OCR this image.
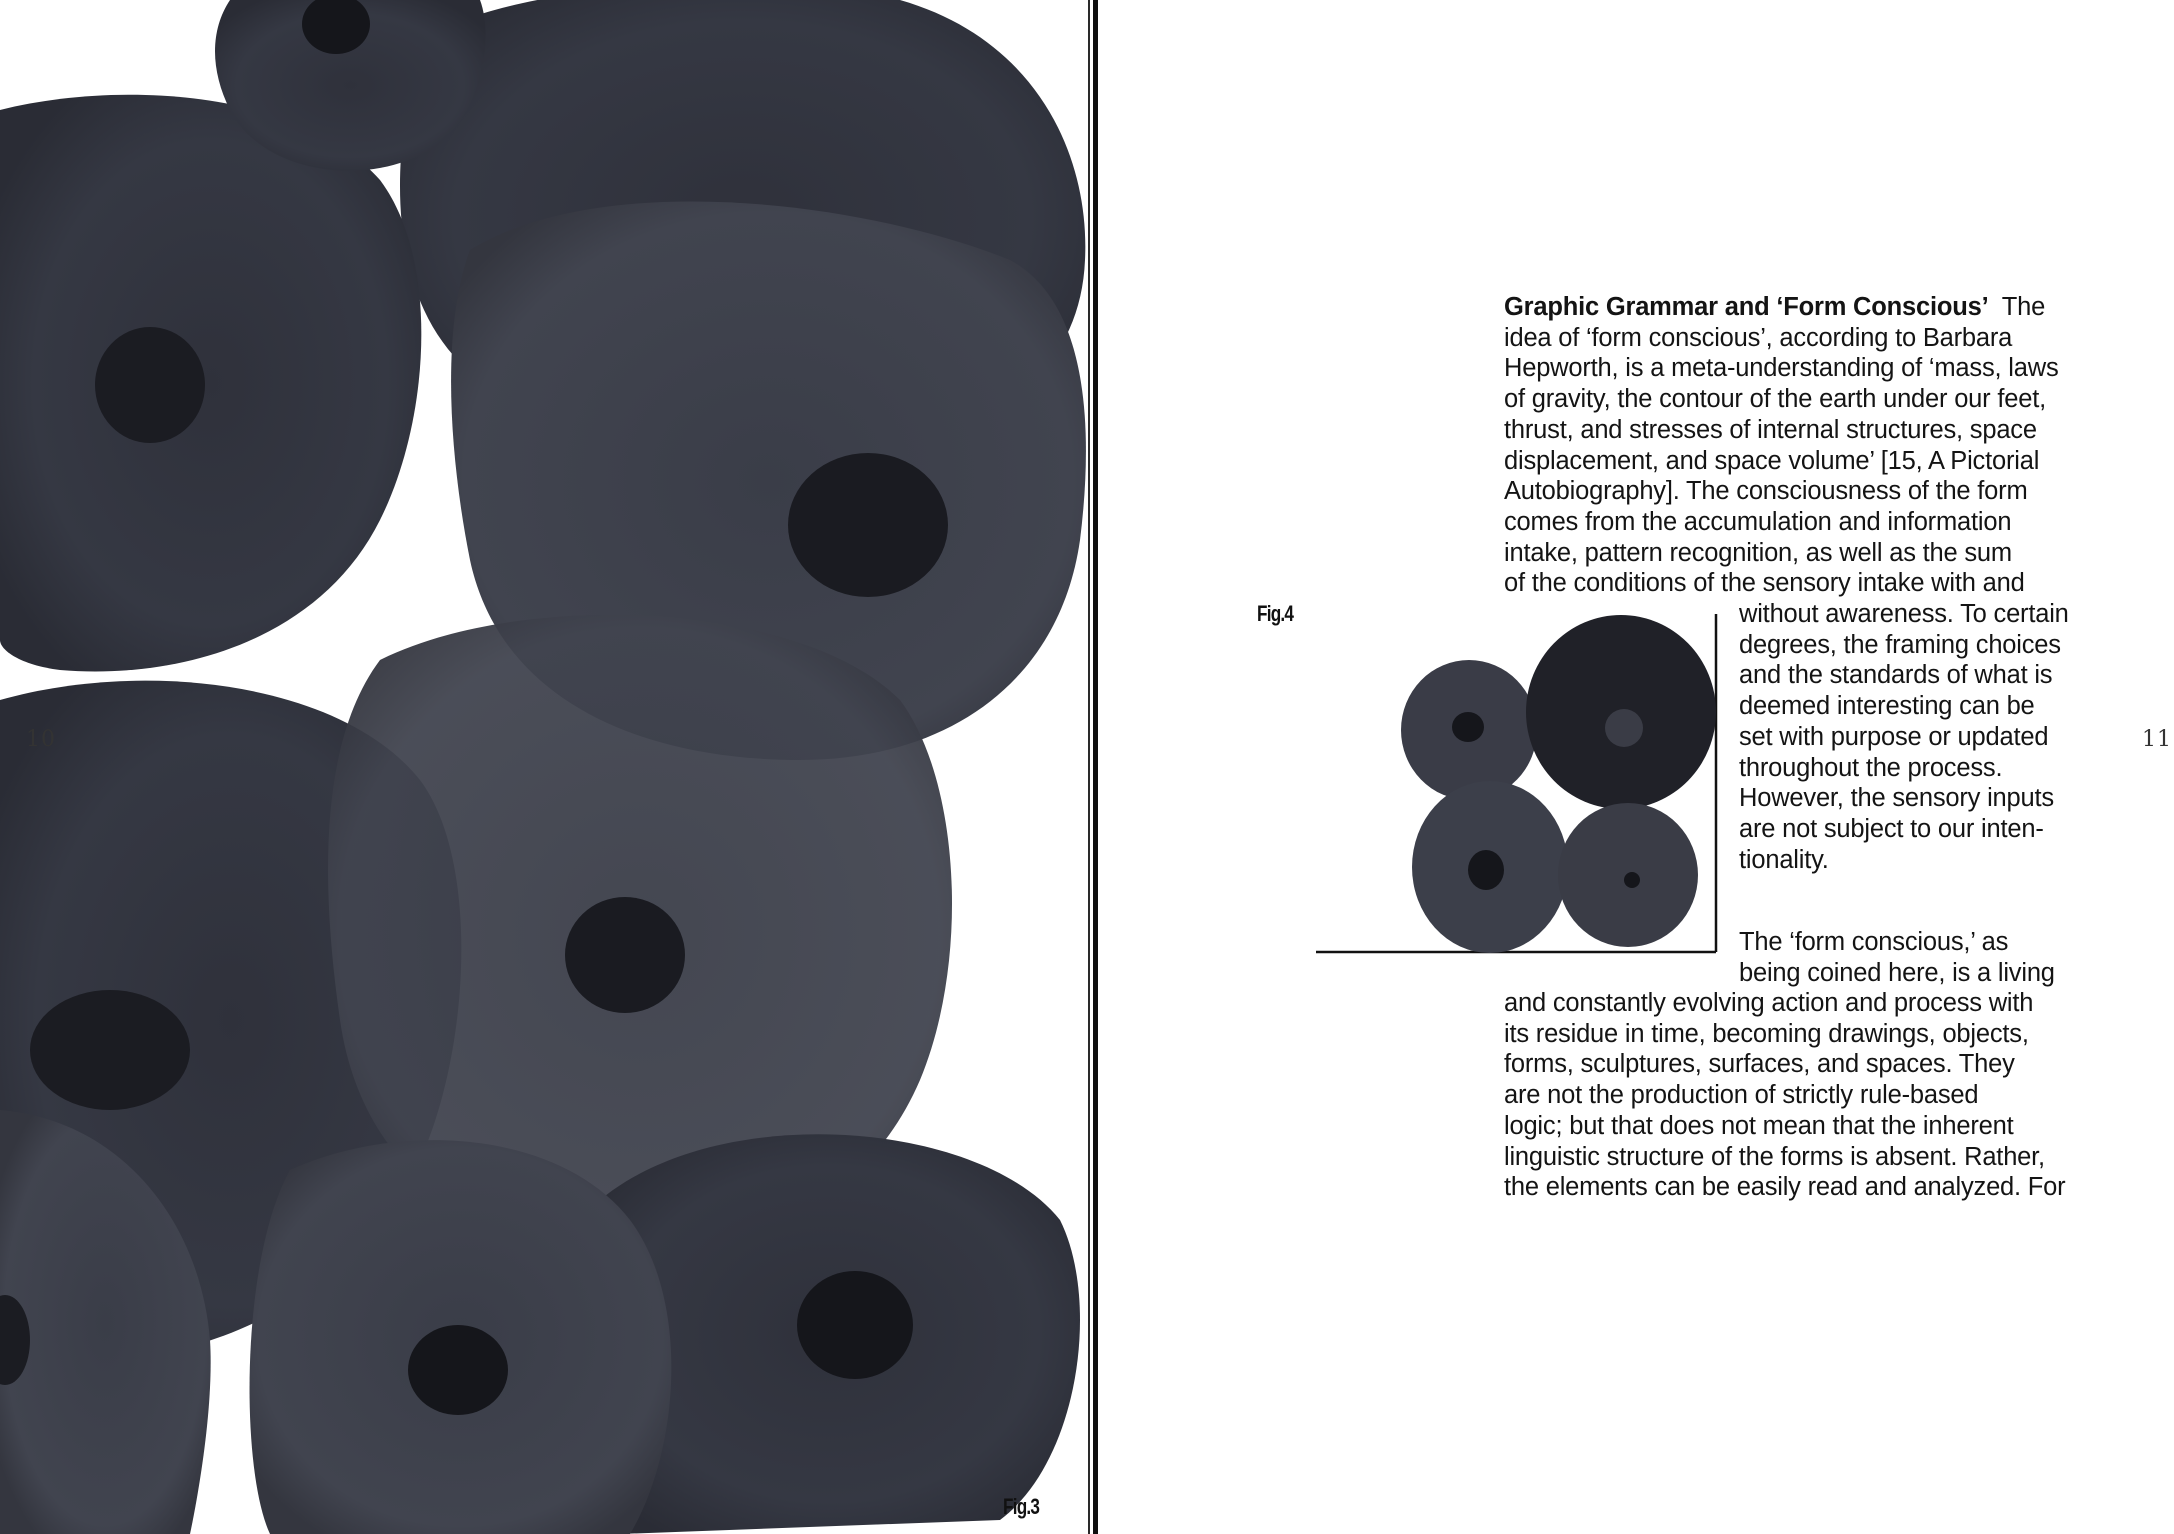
10
Fig.3
11
Fig.4
Graphic Grammar and ‘Form Conscious’  The
idea of ‘form conscious’, according to Barbara
Hepworth, is a meta-understanding of ‘mass, laws
of gravity, the contour of the earth under our feet,
thrust, and stresses of internal structures, space
displacement, and space volume’ [15, A Pictorial
Autobiography]. The consciousness of the form
comes from the accumulation and information
intake, pattern recognition, as well as the sum
of the conditions of the sensory intake with and
without awareness. To certain
degrees, the framing choices
and the standards of what is
deemed interesting can be
set with purpose or updated
throughout the process.
However, the sensory inputs
are not subject to our inten-
tionality.
The ‘form conscious,’ as
being coined here, is a living
and constantly evolving action and process with
its residue in time, becoming drawings, objects,
forms, sculptures, surfaces, and spaces. They
are not the production of strictly rule-based
logic; but that does not mean that the inherent
linguistic structure of the forms is absent. Rather,
the elements can be easily read and analyzed. For
